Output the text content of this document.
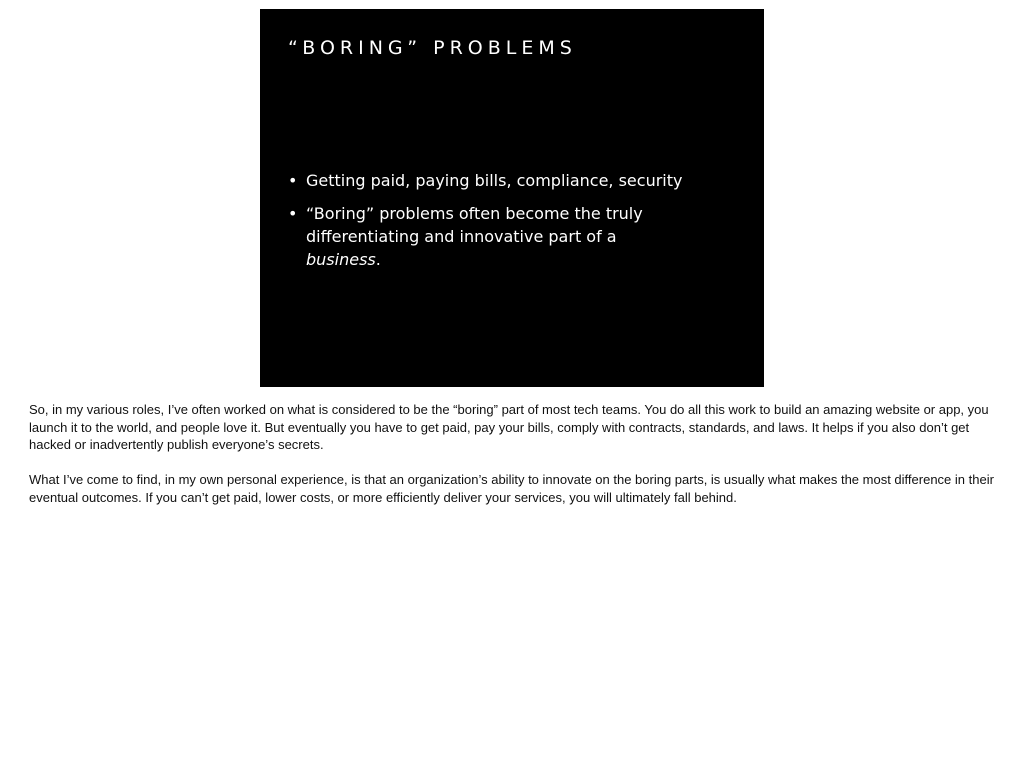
“BORING” PROBLEMS
• Getting paid, paying bills, compliance, security
• “Boring” problems often become the truly differentiating and innovative part of a business.

So, in my various roles, I’ve often worked on what is considered to be the “boring” part of most tech teams. You do all this work to build an amazing website or app, you launch it to the world, and people love it. But eventually you have to get paid, pay your bills, comply with contracts, standards, and laws. It helps if you also don’t get hacked or inadvertently publish everyone’s secrets.

What I’ve come to find, in my own personal experience, is that an organization’s ability to innovate on the boring parts, is usually what makes the most difference in their eventual outcomes. If you can’t get paid, lower costs, or more efficiently deliver your services, you will ultimately fall behind.
